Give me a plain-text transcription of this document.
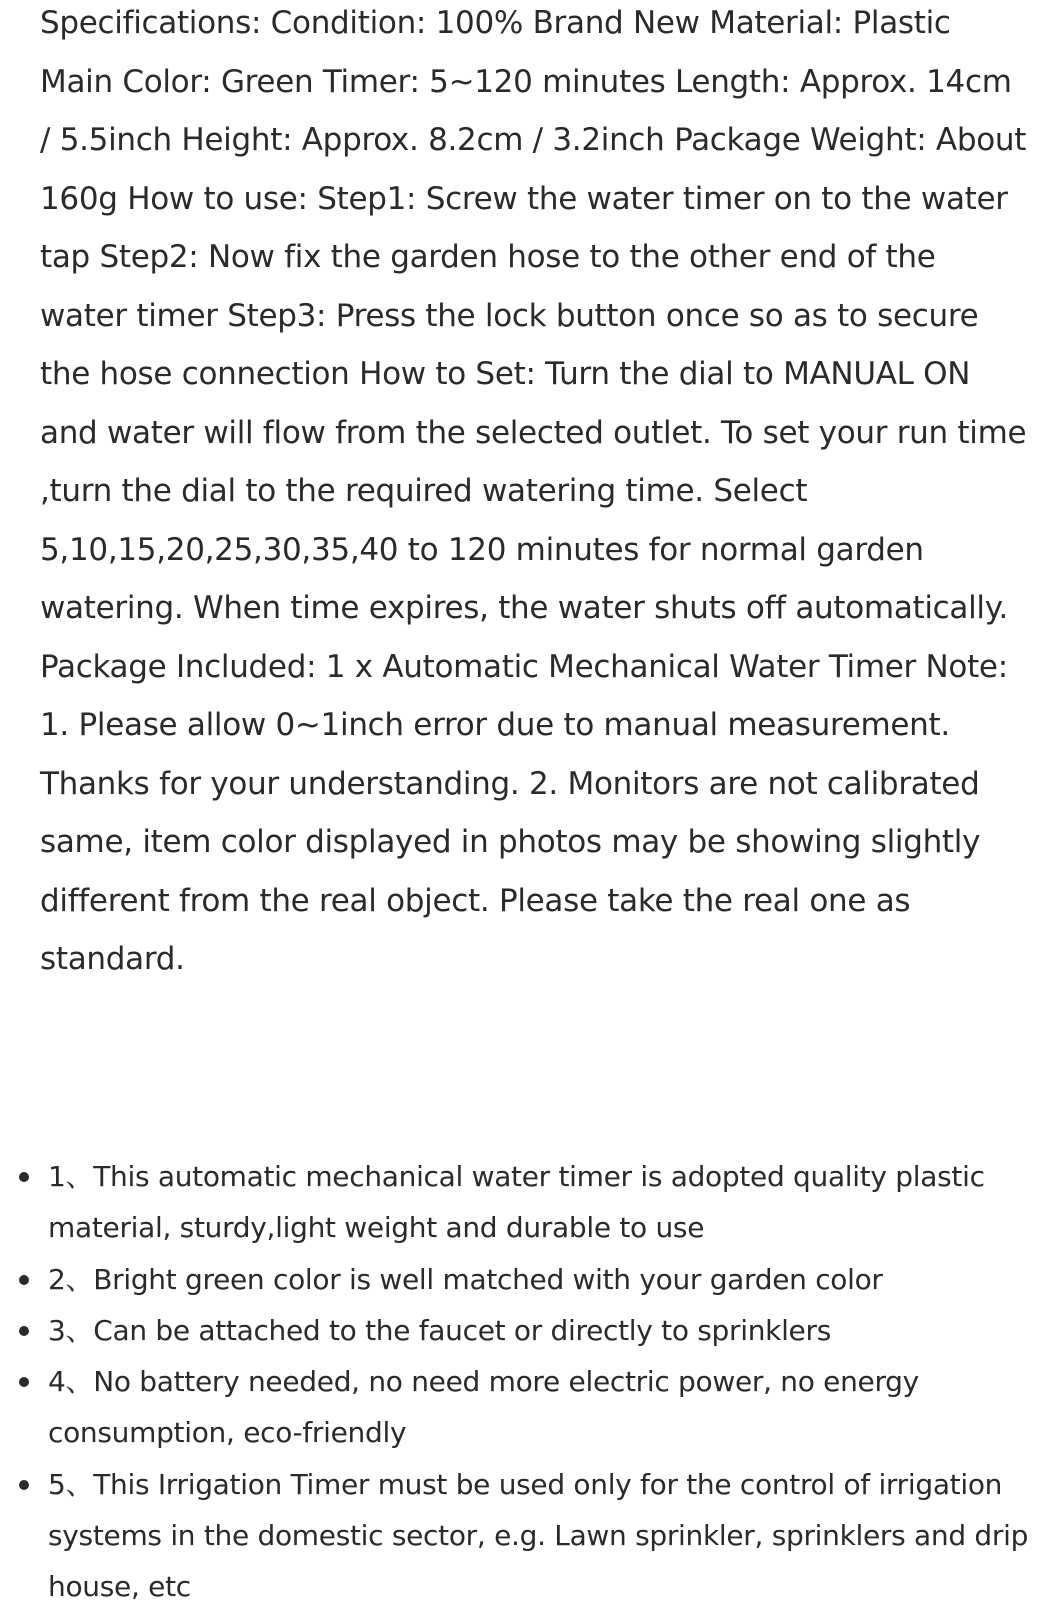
Specifications: Condition: 100% Brand New Material: Plastic Main Color: Green Timer: 5~120 minutes Length: Approx. 14cm / 5.5inch Height: Approx. 8.2cm / 3.2inch Package Weight: About 160g How to use: Step1: Screw the water timer on to the water tap Step2: Now fix the garden hose to the other end of the water timer Step3: Press the lock button once so as to secure the hose connection How to Set: Turn the dial to MANUAL ON and water will flow from the selected outlet. To set your run time ,turn the dial to the required watering time. Select 5,10,15,20,25,30,35,40 to 120 minutes for normal garden watering. When time expires, the water shuts off automatically. Package Included: 1 x Automatic Mechanical Water Timer Note: 1. Please allow 0~1inch error due to manual measurement. Thanks for your understanding. 2. Monitors are not calibrated same, item color displayed in photos may be showing slightly different from the real object. Please take the real one as standard.

1、This automatic mechanical water timer is adopted quality plastic material, sturdy,light weight and durable to use
2、Bright green color is well matched with your garden color
3、Can be attached to the faucet or directly to sprinklers
4、No battery needed, no need more electric power, no energy consumption, eco-friendly
5、This Irrigation Timer must be used only for the control of irrigation systems in the domestic sector, e.g. Lawn sprinkler, sprinklers and drip house, etc
